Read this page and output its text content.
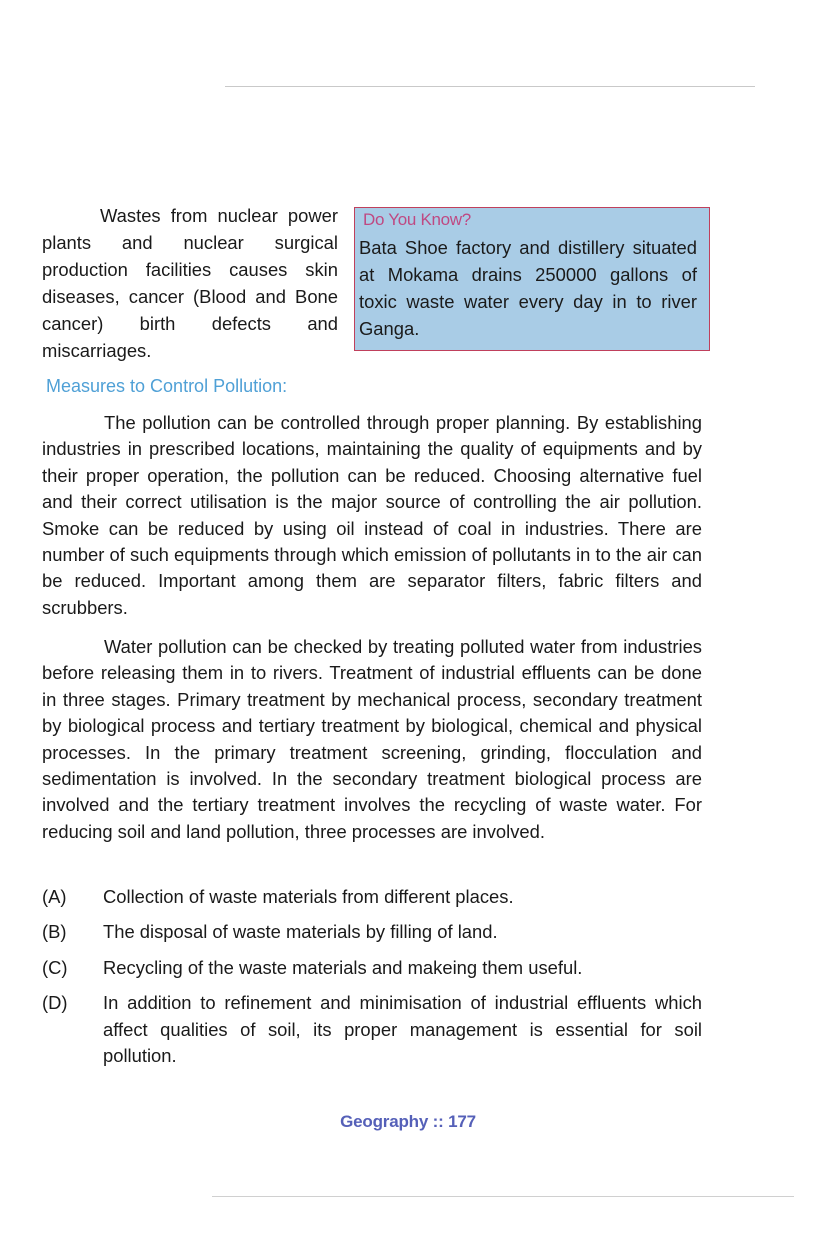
Wastes from nuclear power plants and nuclear surgical production facilities causes skin diseases, cancer (Blood and Bone cancer) birth defects and miscarriages.

Do You Know?

Bata Shoe factory and distillery situated at Mokama drains 250000 gallons of toxic waste water every day in to river Ganga.

Measures to Control Pollution:

The pollution can be controlled through proper planning. By establishing industries in prescribed locations, maintaining the quality of equipments and by their proper operation, the pollution can be reduced. Choosing alternative fuel and their correct utilisation is the major source of controlling the air pollution. Smoke can be reduced by using oil instead of coal in industries. There are number of such equipments through which emission of pollutants in to the air can be reduced. Important among them are separator filters, fabric filters and scrubbers.

Water pollution can be checked by treating polluted water from industries before releasing them in to rivers. Treatment of industrial effluents can be done in three stages. Primary treatment by mechanical process, secondary treatment by biological process and tertiary treatment by biological, chemical and physical processes. In the primary treatment screening, grinding, flocculation and sedimentation is involved. In the secondary treatment biological process are involved and the tertiary treatment involves the recycling of waste water. For reducing soil and land pollution, three processes are involved.

(A) Collection of waste materials from different places.
(B) The disposal of waste materials by filling of land.
(C) Recycling of the waste materials and makeing them useful.
(D) In addition to refinement and minimisation of industrial effluents which affect qualities of soil, its proper management is essential for soil pollution.
Geography :: 177
